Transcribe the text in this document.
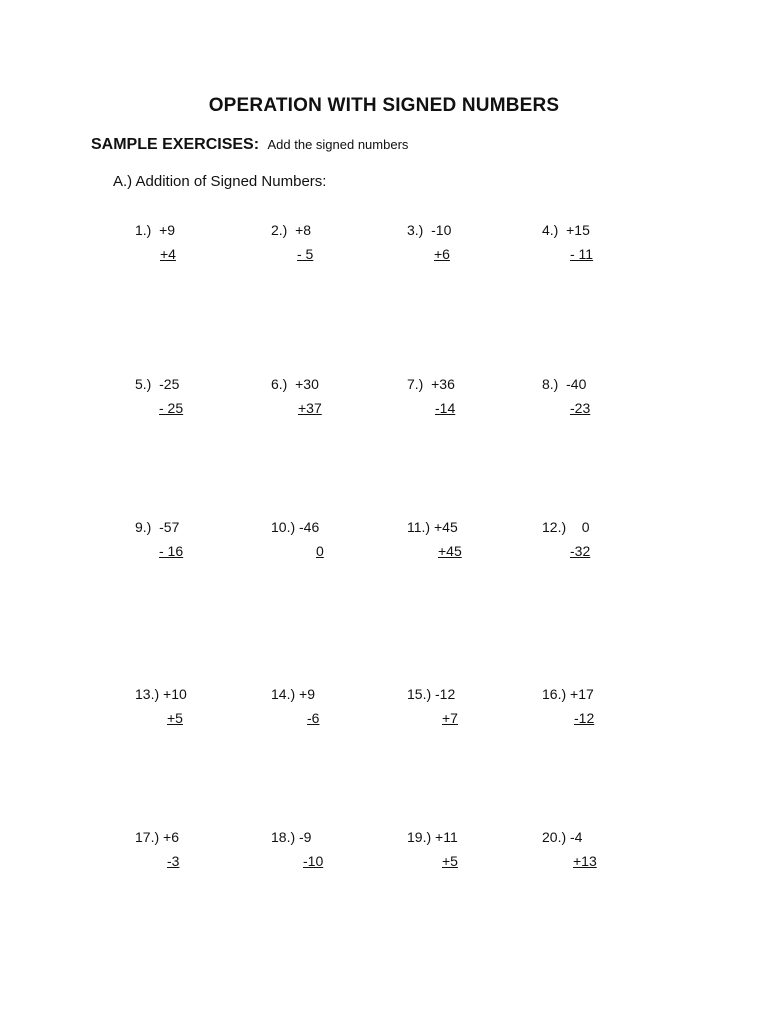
OPERATION WITH SIGNED NUMBERS
SAMPLE EXERCISES: Add the signed numbers
A.) Addition of Signed Numbers:
1.) +9
+4
2.) +8
- 5
3.) -10
+6
4.) +15
- 11
5.) -25
- 25
6.) +30
+37
7.) +36
-14
8.) -40
-23
9.) -57
- 16
10.) -46
0
11.) +45
+45
12.) 0
-32
13.) +10
+5
14.) +9
-6
15.) -12
+7
16.) +17
-12
17.) +6
-3
18.) -9
-10
19.) +11
+5
20.) -4
+13
